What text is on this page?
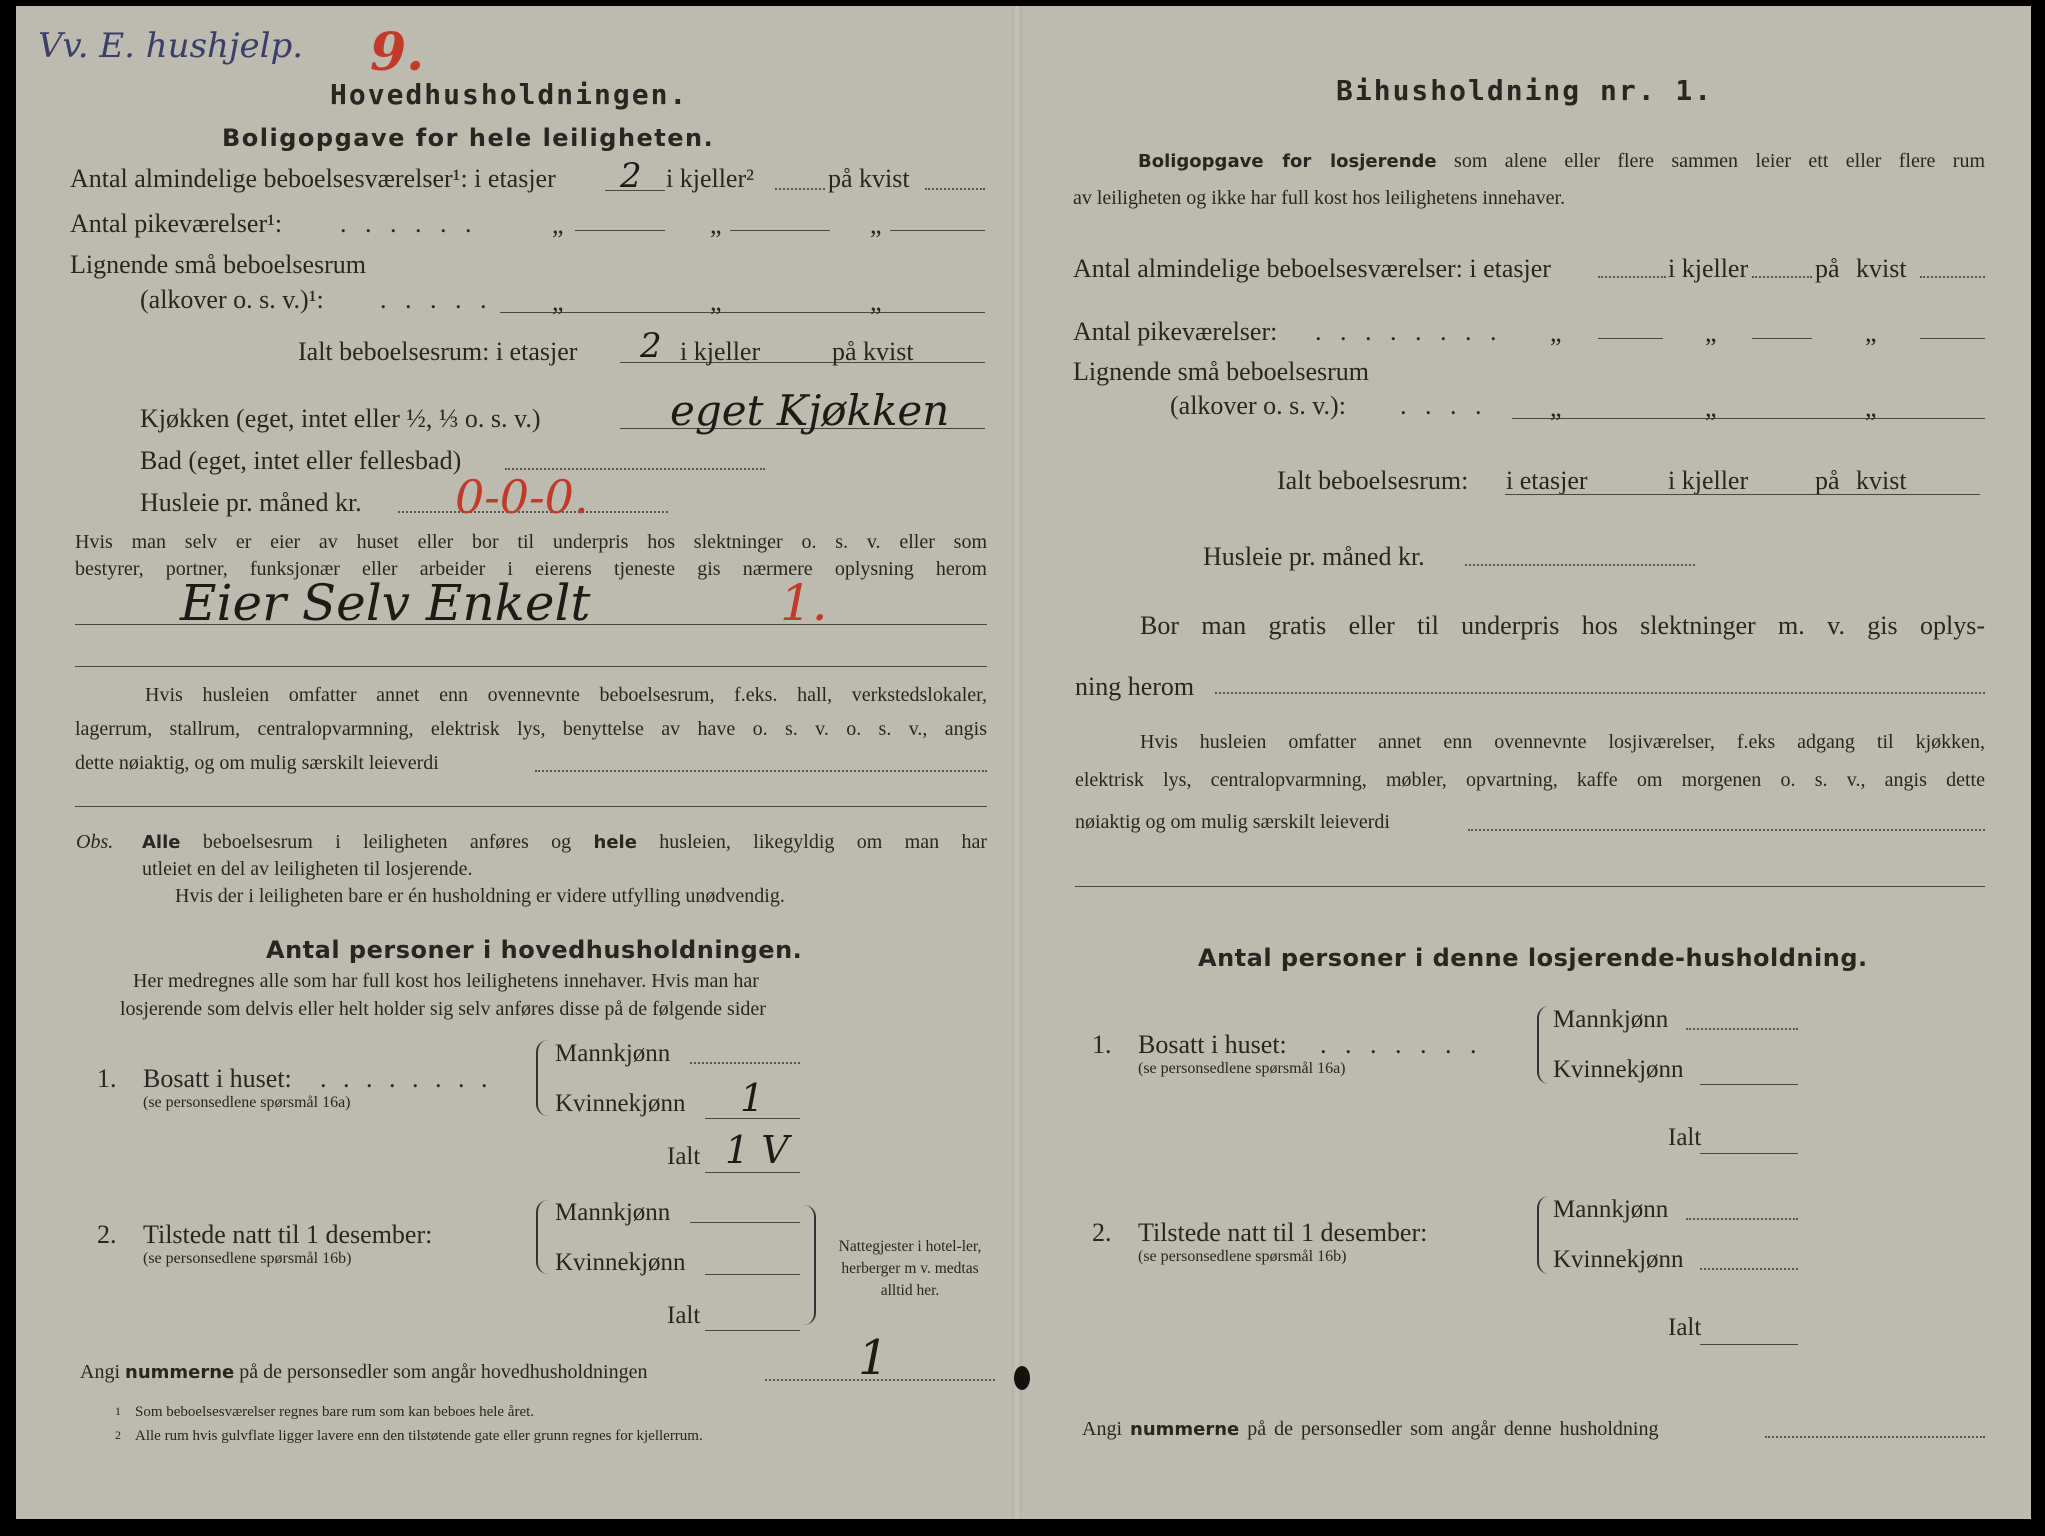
Vv. E. hushjelp. 9.
Hovedhusholdningen.
Boligopgave for hele leiligheten.
Antal almindelige beboelsesværelser¹: i etasjer 2 i kjeller²	på kvist
Antal pikeværelser¹: . . . . . .	„	„	„
Lignende små beboelsesrum
(alkover o. s. v.)¹: . . . . . „	„	„
Ialt beboelsesrum: i etasjer 2 i kjeller	på kvist
Kjøkken (eget, intet eller ½, ⅓ o. s. v.)	eget Kjøkken
Bad (eget, intet eller fellesbad)
Husleie pr. måned kr. 0-0-0.
Hvis man selv er eier av huset eller bor til underpris hos slektninger o. s. v. eller som
bestyrer, portner, funksjonær eller arbeider i eierens tjeneste gis nærmere oplysning herom
Eier Selv Enkelt	1.
Hvis husleien omfatter annet enn ovennevnte beboelsesrum, f.eks. hall, verkstedslokaler,
lagerrum, stallrum, centralopvarmning, elektrisk lys, benyttelse av have o. s. v. o. s. v., angis
dette nøiaktig, og om mulig særskilt leieverdi
Obs. Alle beboelsesrum i leiligheten anføres og hele husleien, likegyldig om man har
utleiet en del av leiligheten til losjerende.
Hvis der i leiligheten bare er én husholdning er videre utfylling unødvendig.
Antal personer i hovedhusholdningen.
Her medregnes alle som har full kost hos leilighetens innehaver. Hvis man har
losjerende som delvis eller helt holder sig selv anføres disse på de følgende sider
1. Bosatt i huset: . . . . . . . .
(se personsedlene spørsmål 16a)
Mannkjønn
Kvinnekjønn 1
Ialt 1 V
2. Tilstede natt til 1 desember:
(se personsedlene spørsmål 16b)
Mannkjønn
Kvinnekjønn
Ialt
Nattegjester i hotel-ler, herberger m v. medtas alltid her.
Angi nummerne på de personsedler som angår hovedhusholdningen	1
1 Som beboelsesværelser regnes bare rum som kan beboes hele året.
2 Alle rum hvis gulvflate ligger lavere enn den tilstøtende gate eller grunn regnes for kjellerrum.
Bihusholdning nr. 1.
Boligopgave for losjerende som alene eller flere sammen leier ett eller flere rum
av leiligheten og ikke har full kost hos leilighetens innehaver.
Antal almindelige beboelsesværelser: i etasjer	i kjeller	på kvist
Antal pikeværelser: . . . . . . . . „	„	„
Lignende små beboelsesrum
(alkover o. s. v.): . . . . „	„	„
Ialt beboelsesrum: i etasjer	i kjeller	på kvist
Husleie pr. måned kr.
Bor man gratis eller til underpris hos slektninger m. v. gis oplys-
ning herom
Hvis husleien omfatter annet enn ovennevnte losjiværelser, f.eks adgang til kjøkken,
elektrisk lys, centralopvarmning, møbler, opvartning, kaffe om morgenen o. s. v., angis dette
nøiaktig og om mulig særskilt leieverdi
Antal personer i denne losjerende-husholdning.
1. Bosatt i huset: . . . . . . .
(se personsedlene spørsmål 16a)
Mannkjønn
Kvinnekjønn
Ialt
2. Tilstede natt til 1 desember:
(se personsedlene spørsmål 16b)
Mannkjønn
Kvinnekjønn
Ialt
Angi nummerne på de personsedler som angår denne husholdning
